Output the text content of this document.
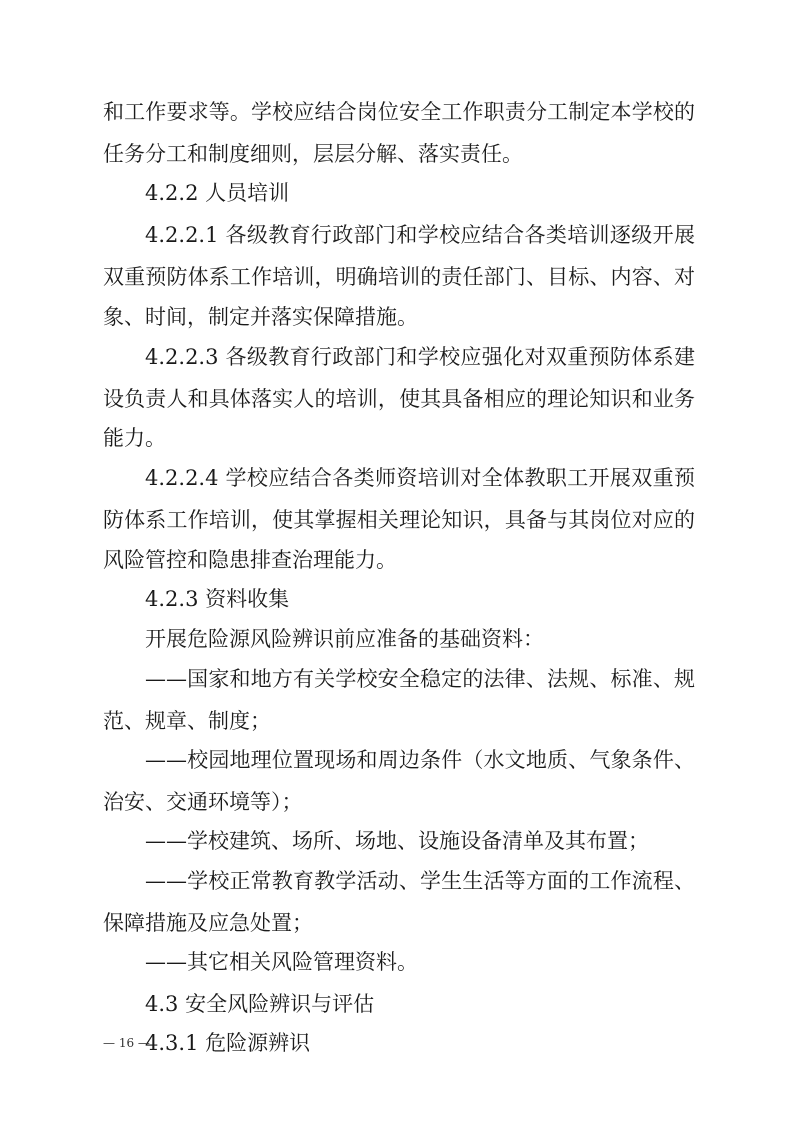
和工作要求等。学校应结合岗位安全工作职责分工制定本学校的
任务分工和制度细则，层层分解、落实责任。
4.2.2 人员培训
4.2.2.1 各级教育行政部门和学校应结合各类培训逐级开展
双重预防体系工作培训，明确培训的责任部门、目标、内容、对
象、时间，制定并落实保障措施。
4.2.2.3 各级教育行政部门和学校应强化对双重预防体系建
设负责人和具体落实人的培训，使其具备相应的理论知识和业务
能力。
4.2.2.4 学校应结合各类师资培训对全体教职工开展双重预
防体系工作培训，使其掌握相关理论知识，具备与其岗位对应的
风险管控和隐患排查治理能力。
4.2.3 资料收集
开展危险源风险辨识前应准备的基础资料：
——国家和地方有关学校安全稳定的法律、法规、标准、规
范、规章、制度；
——校园地理位置现场和周边条件（水文地质、气象条件、
治安、交通环境等）；
——学校建筑、场所、场地、设施设备清单及其布置；
——学校正常教育教学活动、学生生活等方面的工作流程、
保障措施及应急处置；
——其它相关风险管理资料。
4.3 安全风险辨识与评估
4.3.1 危险源辨识
— 16 —
